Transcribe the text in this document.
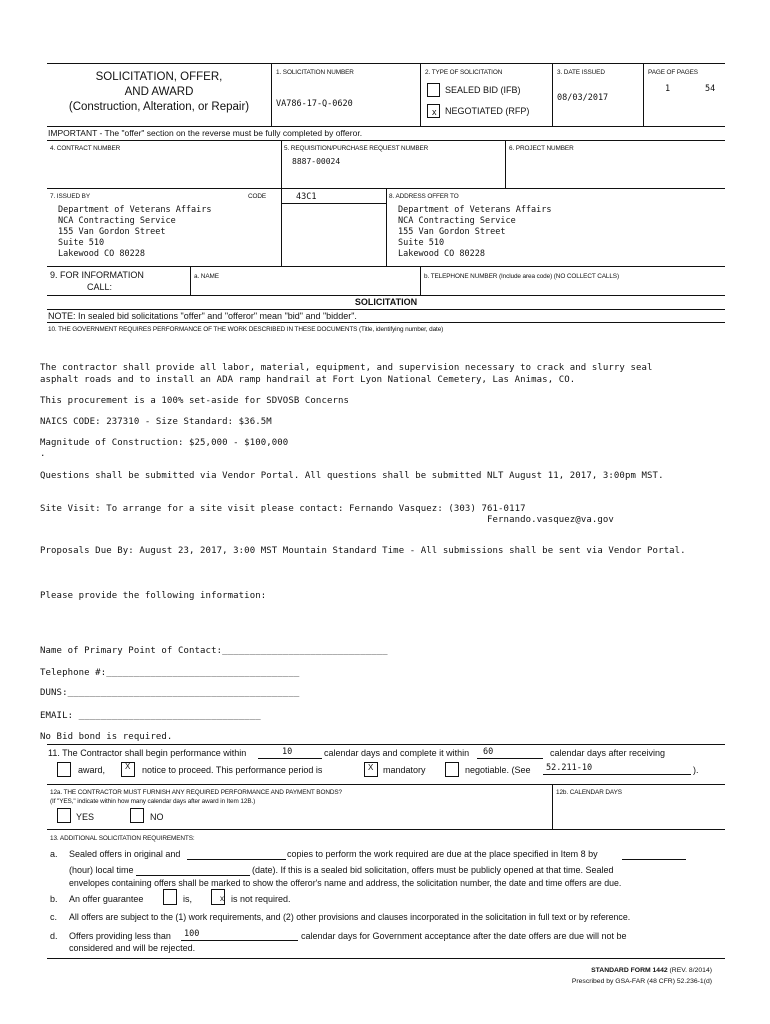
SOLICITATION, OFFER,
AND AWARD
(Construction, Alteration, or Repair)
1. SOLICITATION NUMBER
VA786-17-Q-0620
2. TYPE OF SOLICITATION
SEALED BID (IFB)
x NEGOTIATED (RFP)
3. DATE ISSUED
08/03/2017
PAGE OF PAGES
1	54
IMPORTANT - The "offer" section on the reverse must be fully completed by offeror.
4. CONTRACT NUMBER	5. REQUISITION/PURCHASE REQUEST NUMBER
8887-00024
6. PROJECT NUMBER
7. ISSUED BY	CODE	43C1
Department of Veterans Affairs
NCA Contracting Service
155 Van Gordon Street
Suite 510
Lakewood CO 80228
8. ADDRESS OFFER TO
Department of Veterans Affairs
NCA Contracting Service
155 Van Gordon Street
Suite 510
Lakewood CO 80228
9. FOR INFORMATION
CALL:
a. NAME	b. TELEPHONE NUMBER (Include area code) (NO COLLECT CALLS)
SOLICITATION
NOTE: In sealed bid solicitations "offer" and "offeror" mean "bid" and "bidder".
10. THE GOVERNMENT REQUIRES PERFORMANCE OF THE WORK DESCRIBED IN THESE DOCUMENTS (Title, identifying number, date)
The contractor shall provide all labor, material, equipment, and supervision necessary to crack and slurry seal
asphalt roads and to install an ADA ramp handrail at Fort Lyon National Cemetery, Las Animas, CO.
This procurement is a 100% set-aside for SDVOSB Concerns
NAICS CODE: 237310 - Size Standard: $36.5M
Magnitude of Construction: $25,000 - $100,000
.
Questions shall be submitted via Vendor Portal. All questions shall be submitted NLT August 11, 2017, 3:00pm MST.
Site Visit: To arrange for a site visit please contact: Fernando Vasquez: (303) 761-0117
Fernando.vasquez@va.gov
Proposals Due By: August 23, 2017, 3:00 MST Mountain Standard Time - All submissions shall be sent via Vendor Portal.
Please provide the following information:
Name of Primary Point of Contact:______________________________
Telephone #:___________________________________
DUNS:__________________________________________
EMAIL: _________________________________
No Bid bond is required.
11. The Contractor shall begin performance within	10	calendar days and complete it within 60	calendar days after receiving
award, X notice to proceed. This performance period is	X mandatory	negotiable. (See 52.211-10	).
12a. THE CONTRACTOR MUST FURNISH ANY REQUIRED PERFORMANCE AND PAYMENT BONDS?
(If "YES," indicate within how many calendar days after award in Item 12B.)
YES	NO
12b. CALENDAR DAYS
13. ADDITIONAL SOLICITATION REQUIREMENTS:
a. Sealed offers in original and	copies to perform the work required are due at the place specified in Item 8 by
(hour) local time	(date). If this is a sealed bid solicitation, offers must be publicly opened at that time. Sealed
envelopes containing offers shall be marked to show the offeror's name and address, the solicitation number, the date and time offers are due.
b. An offer guarantee	is,	x is not required.
c. All offers are subject to the (1) work requirements, and (2) other provisions and clauses incorporated in the solicitation in full text or by reference.
d. Offers providing less than 100	calendar days for Government acceptance after the date offers are due will not be
considered and will be rejected.
STANDARD FORM 1442 (REV. 8/2014)
Prescribed by GSA-FAR (48 CFR) 52.236-1(d)
